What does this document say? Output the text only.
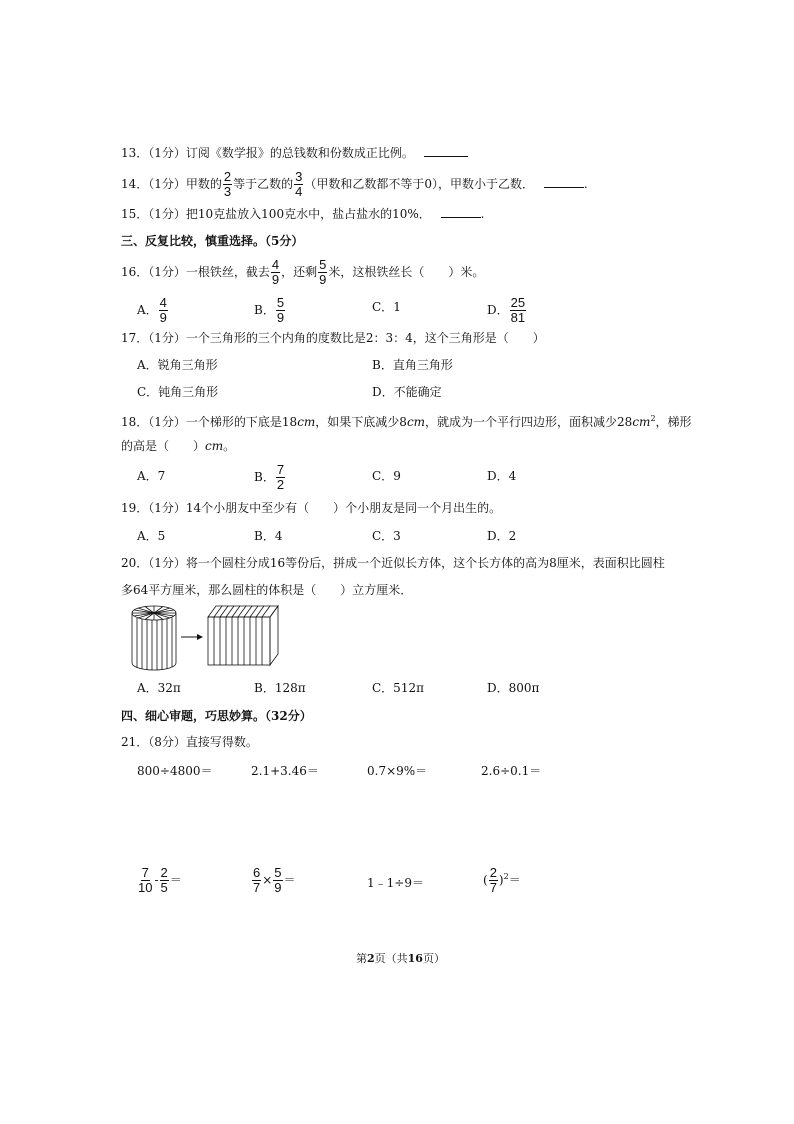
13．（1分）订阅《数学报》的总钱数和份数成正比例。
14．（1分）甲数的 $\frac{2}{3}$ 等于乙数的 $\frac{3}{4}$ （甲数和乙数都不等于0），甲数小于乙数．	.
15．（1分）把10克盐放入100克水中，盐占盐水的10%．	.
三、反复比较，慎重选择。（5分）
16．（1分）一根铁丝，截去 $\frac{4}{9}$ ，还剩 $\frac{5}{9}$ 米，这根铁丝长（　　）米。
A． $\frac{4}{9}$	B． $\frac{5}{9}$	C．1	D． $\frac{25}{81}$
17．（1分）一个三角形的三个内角的度数比是2：3：4，这个三角形是（　　）
A．锐角三角形	B．直角三角形
C．钝角三角形	D．不能确定
18．（1分）一个梯形的下底是18cm，如果下底减少8cm，就成为一个平行四边形，面积减少$28cm^2$，梯形
的高是（　　）cm。
A．7	B． $\frac{7}{2}$	C．9	D．4
19．（1分）14个小朋友中至少有（　　）个小朋友是同一个月出生的。
A．5	B．4	C．3	D．2
20．（1分）将一个圆柱分成16等份后，拼成一个近似长方体，这个长方体的高为8厘米，表面积比圆柱
多64平方厘米，那么圆柱的体积是（　　）立方厘米．
A．32π	B．128π	C．512π	D．800π
四、细心审题，巧思妙算。（32分）
21．（8分）直接写得数。
800÷4800＝	2.1+3.46＝	0.7×9%＝	2.6÷0.1＝
$\frac{7}{10} - \frac{2}{5}$ ＝	$\frac{6}{7} \times \frac{5}{9}$ ＝	1﹣1÷9＝	( $\frac{2}{7} )^2=$
第2页（共16页）
